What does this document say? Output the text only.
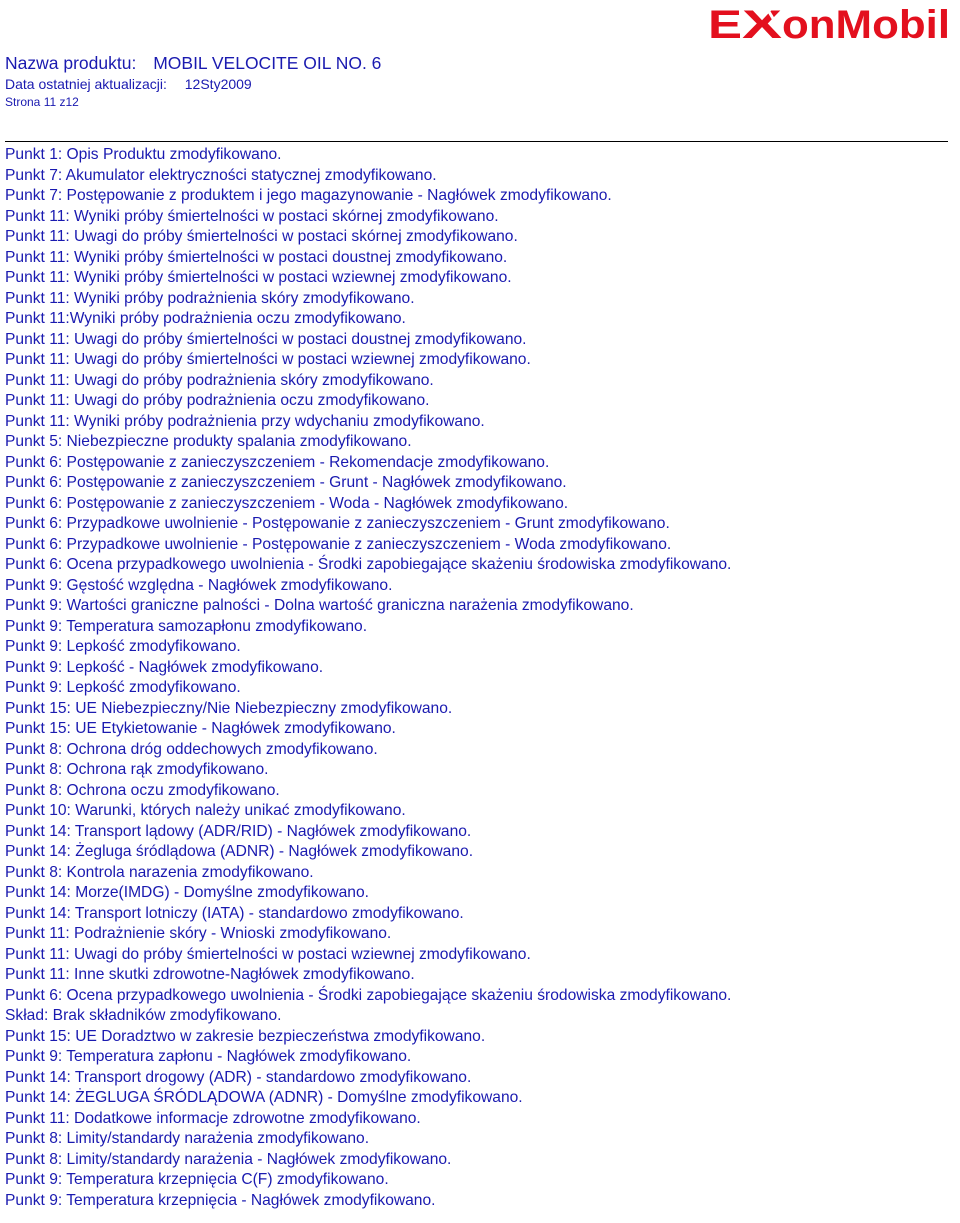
E X onMobil
Nazwa produktu: MOBIL VELOCITE OIL NO. 6
Data ostatniej aktualizacji: 12Sty2009
Strona 11 z12
Punkt 1: Opis Produktu zmodyfikowano.
Punkt 7: Akumulator elektryczności statycznej zmodyfikowano.
Punkt 7: Postępowanie z produktem i jego magazynowanie - Nagłówek zmodyfikowano.
Punkt 11: Wyniki próby śmiertelności w postaci skórnej zmodyfikowano.
Punkt 11: Uwagi do próby śmiertelności w postaci skórnej zmodyfikowano.
Punkt 11: Wyniki próby śmiertelności w postaci doustnej zmodyfikowano.
Punkt 11: Wyniki próby śmiertelności w postaci wziewnej zmodyfikowano.
Punkt 11: Wyniki próby podrażnienia skóry zmodyfikowano.
Punkt 11:Wyniki próby podrażnienia oczu zmodyfikowano.
Punkt 11: Uwagi do próby śmiertelności w postaci doustnej zmodyfikowano.
Punkt 11: Uwagi do próby śmiertelności w postaci wziewnej zmodyfikowano.
Punkt 11: Uwagi do próby podrażnienia skóry zmodyfikowano.
Punkt 11: Uwagi do próby podrażnienia oczu zmodyfikowano.
Punkt 11: Wyniki próby podrażnienia przy wdychaniu zmodyfikowano.
Punkt 5: Niebezpieczne produkty spalania zmodyfikowano.
Punkt 6: Postępowanie z zanieczyszczeniem - Rekomendacje zmodyfikowano.
Punkt 6: Postępowanie z zanieczyszczeniem - Grunt - Nagłówek zmodyfikowano.
Punkt 6: Postępowanie z zanieczyszczeniem - Woda - Nagłówek zmodyfikowano.
Punkt 6: Przypadkowe uwolnienie - Postępowanie z zanieczyszczeniem - Grunt zmodyfikowano.
Punkt 6: Przypadkowe uwolnienie - Postępowanie z zanieczyszczeniem - Woda zmodyfikowano.
Punkt 6: Ocena przypadkowego uwolnienia - Środki zapobiegające skażeniu środowiska zmodyfikowano.
Punkt 9: Gęstość względna - Nagłówek zmodyfikowano.
Punkt 9: Wartości graniczne palności - Dolna wartość graniczna narażenia zmodyfikowano.
Punkt 9: Temperatura samozapłonu zmodyfikowano.
Punkt 9: Lepkość zmodyfikowano.
Punkt 9: Lepkość - Nagłówek zmodyfikowano.
Punkt 9: Lepkość zmodyfikowano.
Punkt 15: UE Niebezpieczny/Nie Niebezpieczny zmodyfikowano.
Punkt 15: UE Etykietowanie - Nagłówek zmodyfikowano.
Punkt 8: Ochrona dróg oddechowych zmodyfikowano.
Punkt 8: Ochrona rąk zmodyfikowano.
Punkt 8: Ochrona oczu zmodyfikowano.
Punkt 10: Warunki, których należy unikać zmodyfikowano.
Punkt 14: Transport lądowy (ADR/RID) - Nagłówek zmodyfikowano.
Punkt 14: Żegluga śródlądowa (ADNR) - Nagłówek zmodyfikowano.
Punkt 8: Kontrola narazenia zmodyfikowano.
Punkt 14: Morze(IMDG) - Domyślne zmodyfikowano.
Punkt 14: Transport lotniczy (IATA) - standardowo zmodyfikowano.
Punkt 11: Podrażnienie skóry - Wnioski zmodyfikowano.
Punkt 11: Uwagi do próby śmiertelności w postaci wziewnej zmodyfikowano.
Punkt 11: Inne skutki zdrowotne-Nagłówek zmodyfikowano.
Punkt 6: Ocena przypadkowego uwolnienia - Środki zapobiegające skażeniu środowiska zmodyfikowano.
Skład: Brak składników zmodyfikowano.
Punkt 15: UE Doradztwo w zakresie bezpieczeństwa zmodyfikowano.
Punkt 9: Temperatura zapłonu - Nagłówek zmodyfikowano.
Punkt 14: Transport drogowy (ADR) - standardowo zmodyfikowano.
Punkt 14: ŻEGLUGA ŚRÓDLĄDOWA (ADNR) - Domyślne zmodyfikowano.
Punkt 11: Dodatkowe informacje zdrowotne zmodyfikowano.
Punkt 8: Limity/standardy narażenia zmodyfikowano.
Punkt 8: Limity/standardy narażenia - Nagłówek zmodyfikowano.
Punkt 9: Temperatura krzepnięcia C(F) zmodyfikowano.
Punkt 9: Temperatura krzepnięcia - Nagłówek zmodyfikowano.
